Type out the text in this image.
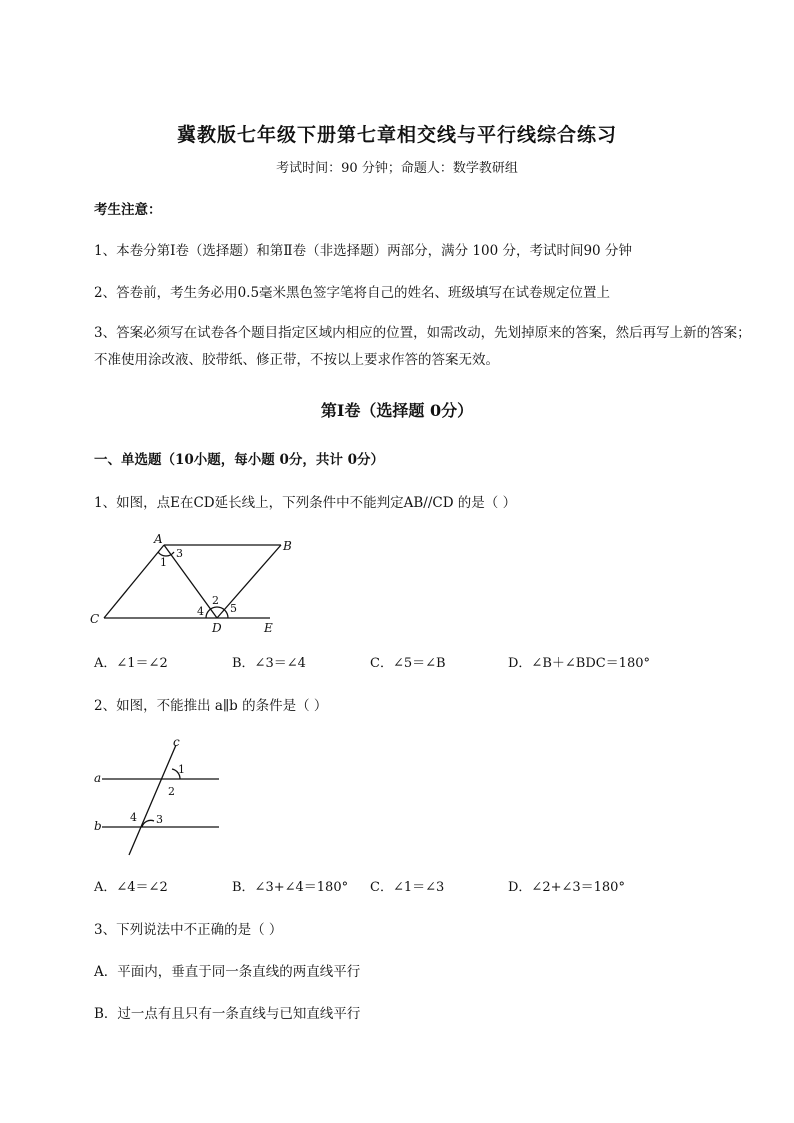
冀教版七年级下册第七章相交线与平行线综合练习
考试时间：90 分钟；命题人：数学教研组
考生注意：
1、本卷分第Ⅰ卷（选择题）和第Ⅱ卷（非选择题）两部分，满分 100 分，考试时间90 分钟
2、答卷前，考生务必用0.5毫米黑色签字笔将自己的姓名、班级填写在试卷规定位置上
3、答案必须写在试卷各个题目指定区域内相应的位置，如需改动，先划掉原来的答案，然后再写上新的答案；不准使用涂改液、胶带纸、修正带，不按以上要求作答的答案无效。
第Ⅰ卷（选择题 0分）
一、单选题（10小题，每小题 0分，共计 0分）
1、如图，点E在CD延长线上，下列条件中不能判定AB//CD 的是（ ）
A	B
C
D	E
1
2
3
4 5
A．∠1＝∠2	B．∠3＝∠4	C．∠5＝∠B	D．∠B＋∠BDC＝180°
2、如图，不能推出 a∥b 的条件是（ ）
a
b
c
1
2
3
4
A．∠4＝∠2	B．∠3+∠4＝180° C．∠1＝∠3	D．∠2+∠3＝180°
3、下列说法中不正确的是（ ）
A．平面内，垂直于同一条直线的两直线平行
B．过一点有且只有一条直线与已知直线平行
